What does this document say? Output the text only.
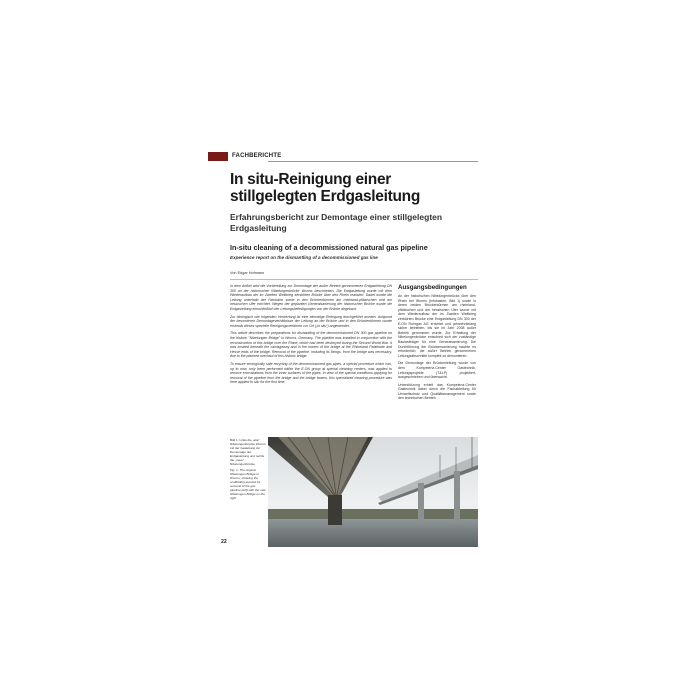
FACHBERICHTE
In situ-Reinigung einer stillgelegten Erdgasleitung
Erfahrungsbericht zur Demontage einer stillgelegten Erdgasleitung
In-situ cleaning of a decommissioned natural gas pipeline
Experience report on the dismantling of a decommissioned gas line
Von Edgar Hofmann

In dem Artikel wird die Vorbereitung zur Demontage der außer Betrieb genommenen Erdgasleitung DN 300 an der historischen Nibelungenbrücke Worms beschrieben. Die Erdgasleitung wurde mit dem Wiederaufbau der im Zweiten Weltkrieg zerstörten Brücke über den Rhein realisiert. Dabei wurde die Leitung unterhalb der Fahrbahn sowie in den Brückentürmen am rheinland-pfälzischen und am hessischen Ufer errichtet. Wegen der geplanten Generalsanierung der historischen Brücke wurde die Erdgasleitung einschließlich der Leitungsbefestigungen von der Brücke abgebaut.

Zur ökologisch wie folgenden Verwertung ist eine einmalige Reinigung durchgeführt worden. Aufgrund der besonderen Demontageverhältnisse der Leitung an der Brücke und in den Brückentürmen wurde erstmals dieses spezielle Reinigungsverfahren vor Ort („in situ") angewendet.

This article describes the preparations for dismantling of the decommissioned DN 300 gas pipeline on the historic "Nibelungen Bridge" in Worms, Germany. The pipeline was installed in conjunction with the reconstruction of this bridge over the Rhine, which had been destroyed during the Second World War. It was located beneath the carriageway and in the towers of the bridge at the Rhineland Palatinate and Hesse ends of the bridge. Removal of the pipeline, including its fixings, from the bridge was necessary, due to the planned overhaul of this historic bridge.

To ensure ecologically safe recycling of the decommissioned gas pipes, a special procedure which has, up to now, only been performed within the E.ON group at special cleaning centers, was applied to remove encrustations from the inner surfaces of the pipes. In view of the special conditions applying for removal of the pipeline from the bridge and the bridge towers, this specialized cleaning procedure was here applied in situ for the first time.

Ausgangsbedingungen

An der historischen Nibelungenbrücke über den Rhein bei Worms (Infokasten, Bild 1) sowie in deren beiden Brückentürmen am rheinland-pfälzischen und am hessischen Ufer wurde mit dem Wiederaufbau der im Zweiten Weltkrieg zerstörten Brücke eine Erdgasleitung DN 300 der E.ON Ruhrgas AG errichtet und jahrzehntelang sicher betrieben, bis sie im Jahr 2008 außer Betrieb genommen wurde. Zur Erhaltung der Nibelungenbrücke entschied sich der zuständige Baulastträger für eine Generalsanierung. Die Durchführung der Brückensanierung machte es erforderlich, die außer Betrieb genommenen Leitungsabschnitte komplett zu demontieren.

Die Demontage der Brückenleitung wurde von dem Kompetenz-Center Gastechnik, Leitungsprojekte (T&LP) projektiert, ausgeschrieben und überwacht.

Unterstützung erhielt das Kompetenz-Center Gastechnik dabei durch die Fachabteilung für Umweltschutz und Qualitätsmanagement sowie den technischen Betrieb.

Bild 1: Links die „alte" Nibelungenbrücke Worms mit der Gasleitung zur Demontage der Erdgasleitung und rechts die „neue" Nibelungenbrücke

Fig. 1: The original Nibelungen Bridge in Worms, showing the scaffolding erected for removal of the gas pipeline (left) with the new Nibelungen Bridge on the right

22
